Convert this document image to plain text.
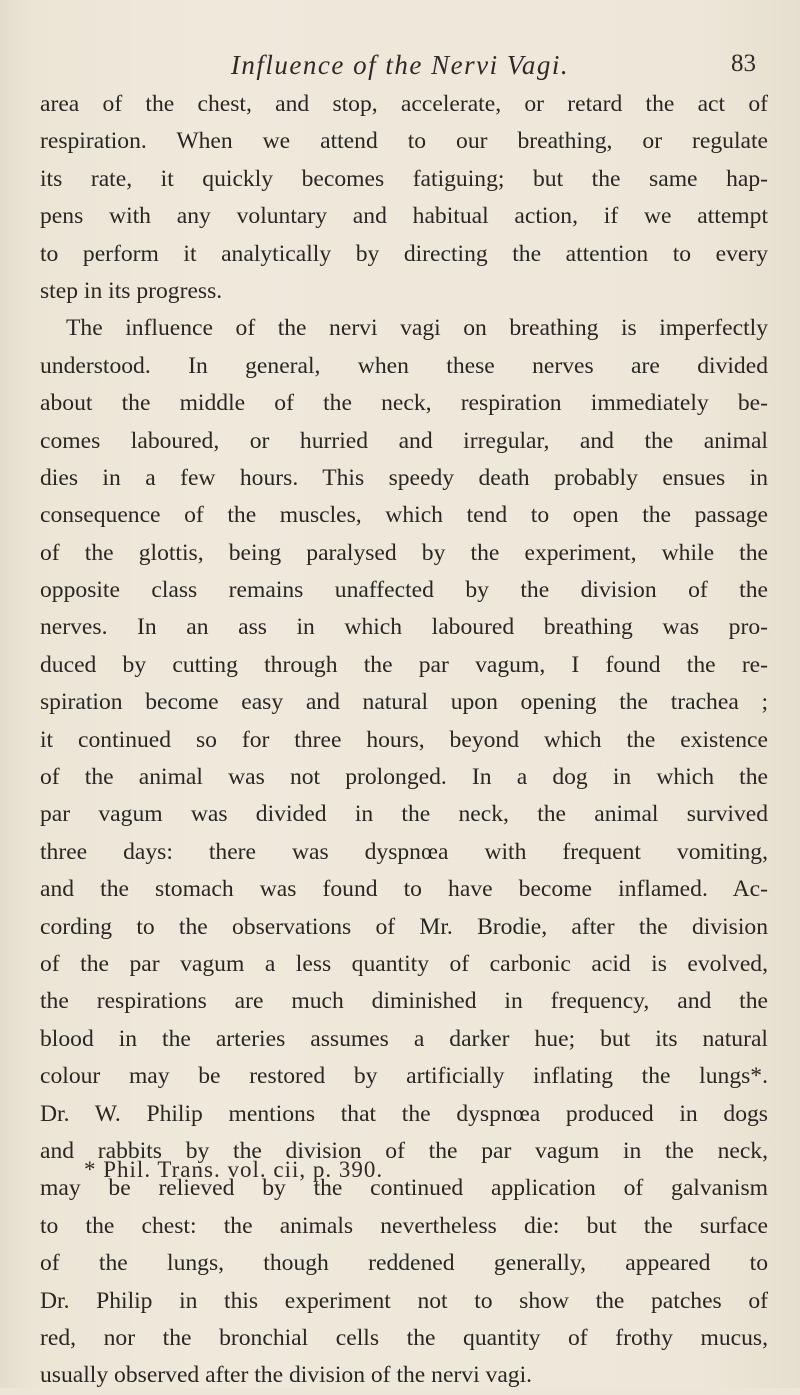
Influence of the Nervi Vagi.	83
area of the chest, and stop, accelerate, or retard the act of
respiration. When we attend to our breathing, or regulate
its rate, it quickly becomes fatiguing; but the same hap-
pens with any voluntary and habitual action, if we attempt
to perform it analytically by directing the attention to every
step in its progress.
The influence of the nervi vagi on breathing is imperfectly
understood. In general, when these nerves are divided
about the middle of the neck, respiration immediately be-
comes laboured, or hurried and irregular, and the animal
dies in a few hours. This speedy death probably ensues in
consequence of the muscles, which tend to open the passage
of the glottis, being paralysed by the experiment, while the
opposite class remains unaffected by the division of the
nerves. In an ass in which laboured breathing was pro-
duced by cutting through the par vagum, I found the re-
spiration become easy and natural upon opening the trachea ;
it continued so for three hours, beyond which the existence
of the animal was not prolonged. In a dog in which the
par vagum was divided in the neck, the animal survived
three days: there was dyspnœa with frequent vomiting,
and the stomach was found to have become inflamed. Ac-
cording to the observations of Mr. Brodie, after the division
of the par vagum a less quantity of carbonic acid is evolved,
the respirations are much diminished in frequency, and the
blood in the arteries assumes a darker hue; but its natural
colour may be restored by artificially inflating the lungs*.
Dr. W. Philip mentions that the dyspnœa produced in dogs
and rabbits by the division of the par vagum in the neck,
may be relieved by the continued application of galvanism
to the chest: the animals nevertheless die: but the surface
of the lungs, though reddened generally, appeared to
Dr. Philip in this experiment not to show the patches of
red, nor the bronchial cells the quantity of frothy mucus,
usually observed after the division of the nervi vagi.
* Phil. Trans. vol. cii, p. 390.
